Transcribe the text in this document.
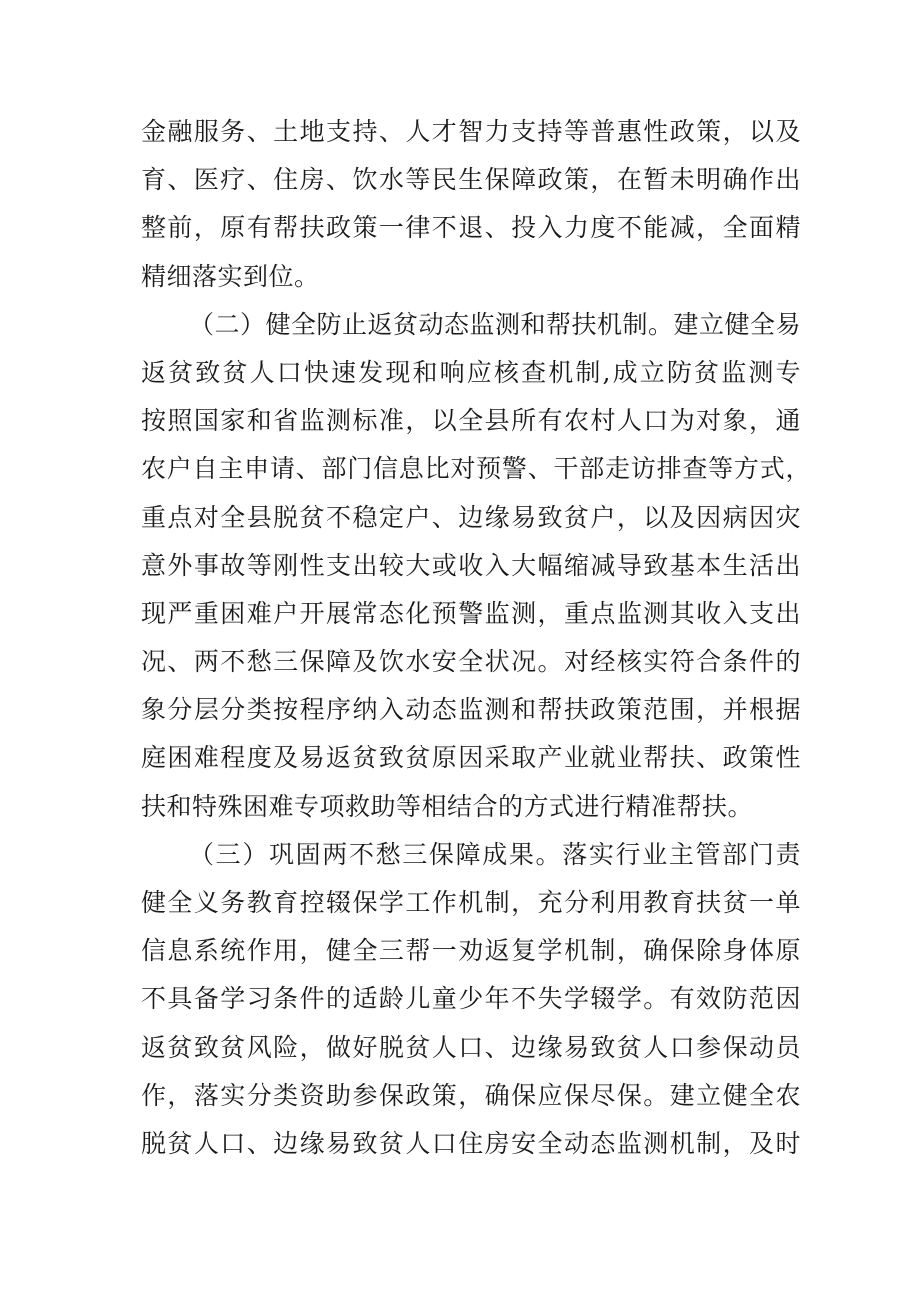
金融服务、土地支持、人才智力支持等普惠性政策，以及
育、医疗、住房、饮水等民生保障政策，在暂未明确作出
整前，原有帮扶政策一律不退、投入力度不能减，全面精
精细落实到位。
（二）健全防止返贫动态监测和帮扶机制。建立健全易
返贫致贫人口快速发现和响应核查机制,成立防贫监测专
按照国家和省监测标准，以全县所有农村人口为对象，通
农户自主申请、部门信息比对预警、干部走访排查等方式，
重点对全县脱贫不稳定户、边缘易致贫户，以及因病因灾
意外事故等刚性支出较大或收入大幅缩减导致基本生活出
现严重困难户开展常态化预警监测，重点监测其收入支出
况、两不愁三保障及饮水安全状况。对经核实符合条件的
象分层分类按程序纳入动态监测和帮扶政策范围，并根据
庭困难程度及易返贫致贫原因采取产业就业帮扶、政策性
扶和特殊困难专项救助等相结合的方式进行精准帮扶。
（三）巩固两不愁三保障成果。落实行业主管部门责
健全义务教育控辍保学工作机制，充分利用教育扶贫一单
信息系统作用，健全三帮一劝返复学机制，确保除身体原
不具备学习条件的适龄儿童少年不失学辍学。有效防范因
返贫致贫风险，做好脱贫人口、边缘易致贫人口参保动员
作，落实分类资助参保政策，确保应保尽保。建立健全农
脱贫人口、边缘易致贫人口住房安全动态监测机制，及时
